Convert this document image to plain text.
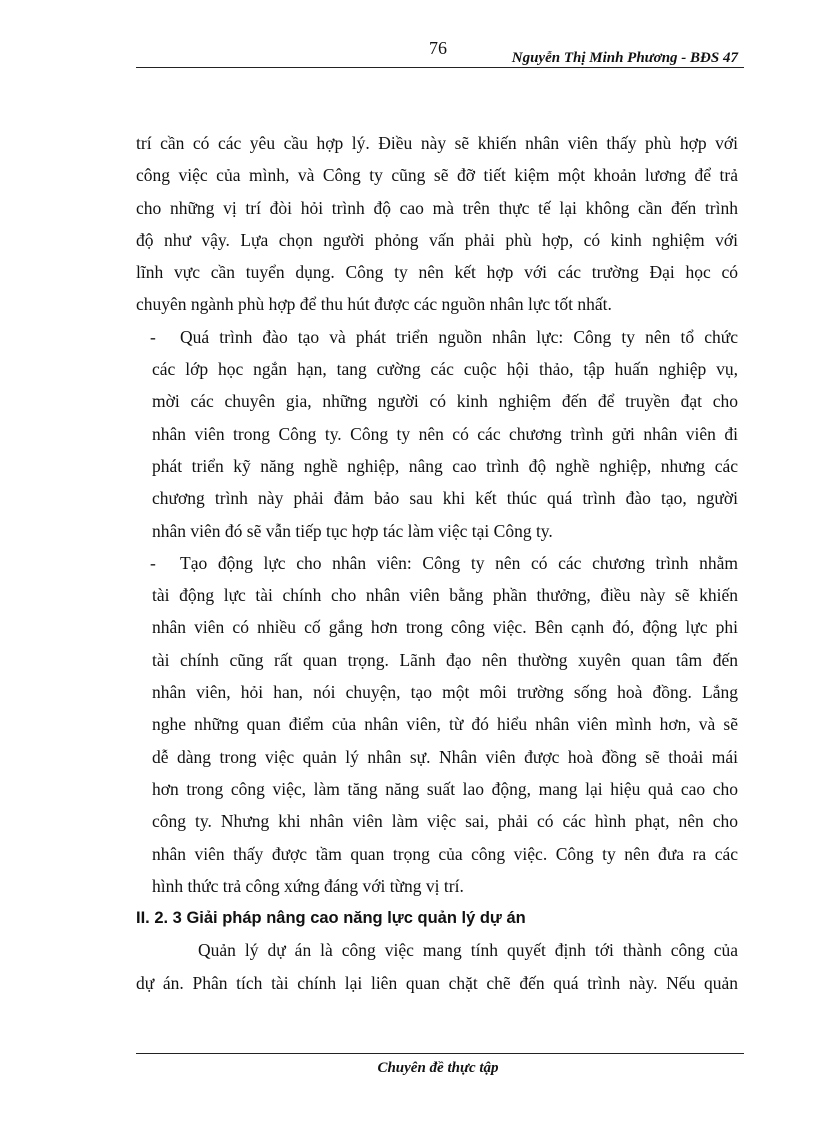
76	Nguyễn Thị Minh Phương - BĐS 47
trí cần có các yêu cầu hợp lý. Điều này sẽ khiến nhân viên thấy phù hợp với
công việc của mình, và Công ty cũng sẽ đỡ tiết kiệm một khoản lương để trả
cho những vị trí đòi hỏi trình độ cao mà trên thực tế lại không cần đến trình
độ như vậy. Lựa chọn người phỏng vấn phải phù hợp, có kinh nghiệm với
lĩnh vực cần tuyển dụng. Công ty nên kết hợp với các trường Đại học có
chuyên ngành phù hợp để thu hút được các nguồn nhân lực tốt nhất.
- Quá trình đào tạo và phát triển nguồn nhân lực: Công ty nên tổ chức
các lớp học ngắn hạn, tang cường các cuộc hội thảo, tập huấn nghiệp vụ,
mời các chuyên gia, những người có kinh nghiệm đến để truyền đạt cho
nhân viên trong Công ty. Công ty nên có các chương trình gửi nhân viên đi
phát triển kỹ năng nghề nghiệp, nâng cao trình độ nghề nghiệp, nhưng các
chương trình này phải đảm bảo sau khi kết thúc quá trình đào tạo, người
nhân viên đó sẽ vẫn tiếp tục hợp tác làm việc tại Công ty.
- Tạo động lực cho nhân viên: Công ty nên có các chương trình nhằm
tài động lực tài chính cho nhân viên bằng phần thưởng, điều này sẽ khiến
nhân viên có nhiều cố gắng hơn trong công việc. Bên cạnh đó, động lực phi
tài chính cũng rất quan trọng. Lãnh đạo nên thường xuyên quan tâm đến
nhân viên, hỏi han, nói chuyện, tạo một môi trường sống hoà đồng. Lắng
nghe những quan điểm của nhân viên, từ đó hiểu nhân viên mình hơn, và sẽ
dễ dàng trong việc quản lý nhân sự. Nhân viên được hoà đồng sẽ thoải mái
hơn trong công việc, làm tăng năng suất lao động, mang lại hiệu quả cao cho
công ty. Nhưng khi nhân viên làm việc sai, phải có các hình phạt, nên cho
nhân viên thấy được tầm quan trọng của công việc. Công ty nên đưa ra các
hình thức trả công xứng đáng với từng vị trí.
II. 2. 3 Giải pháp nâng cao năng lực quản lý dự án
Quản lý dự án là công việc mang tính quyết định tới thành công của
dự án. Phân tích tài chính lại liên quan chặt chẽ đến quá trình này. Nếu quản
Chuyên đề thực tập
